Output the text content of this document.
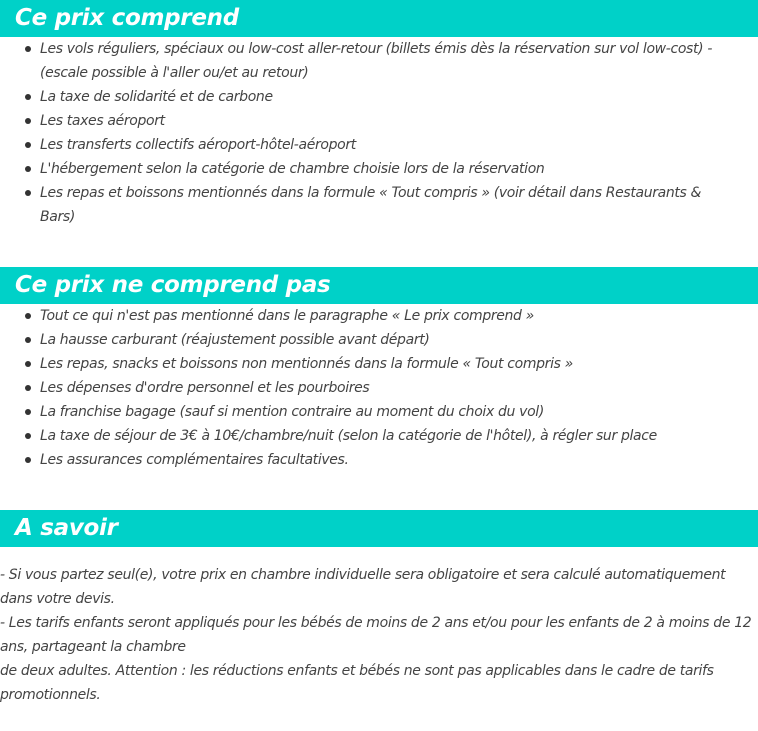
Ce prix comprend
Les vols réguliers, spéciaux ou low-cost aller-retour (billets émis dès la réservation sur vol low-cost) - (escale possible à l'aller ou/et au retour)
La taxe de solidarité et de carbone
Les taxes aéroport
Les transferts collectifs aéroport-hôtel-aéroport
L'hébergement selon la catégorie de chambre choisie lors de la réservation
Les repas et boissons mentionnés dans la formule « Tout compris » (voir détail dans Restaurants & Bars)
Ce prix ne comprend pas
Tout ce qui n'est pas mentionné dans le paragraphe « Le prix comprend »
La hausse carburant (réajustement possible avant départ)
Les repas, snacks et boissons non mentionnés dans la formule « Tout compris »
Les dépenses d'ordre personnel et les pourboires
La franchise bagage (sauf si mention contraire au moment du choix du vol)
La taxe de séjour de 3€ à 10€/chambre/nuit (selon la catégorie de l'hôtel), à régler sur place
Les assurances complémentaires facultatives.
A savoir

- Si vous partez seul(e), votre prix en chambre individuelle sera obligatoire et sera calculé automatiquement dans votre devis.

- Les tarifs enfants seront appliqués pour les bébés de moins de 2 ans et/ou pour les enfants de 2 à moins de 12 ans, partageant la chambre

de deux adultes. Attention : les réductions enfants et bébés ne sont pas applicables dans le cadre de tarifs promotionnels.
